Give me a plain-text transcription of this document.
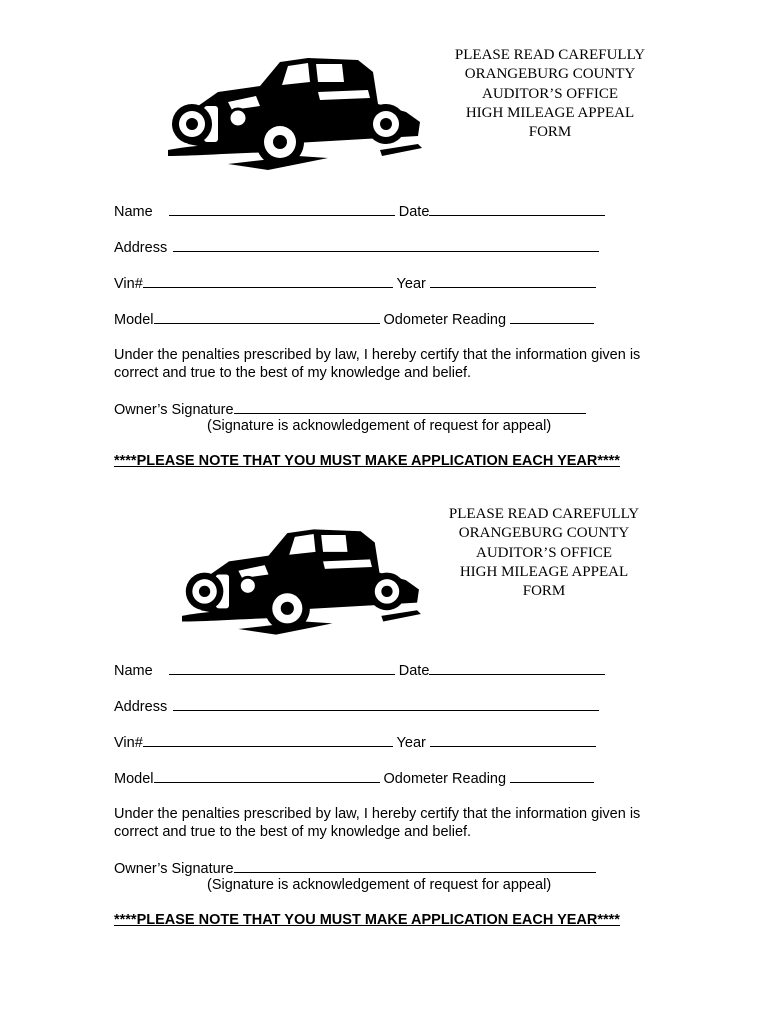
PLEASE READ CAREFULLY
ORANGEBURG COUNTY
AUDITOR’S OFFICE
HIGH MILEAGE APPEAL
FORM
Name	Date
Address
Vin#	Year
Model	Odometer Reading
Under the penalties prescribed by law, I hereby certify that the information given is correct and true to the best of my knowledge and belief.
Owner’s Signature
(Signature is acknowledgement of request for appeal)
****PLEASE NOTE THAT YOU MUST MAKE APPLICATION EACH YEAR****
PLEASE READ CAREFULLY
ORANGEBURG COUNTY
AUDITOR’S OFFICE
HIGH MILEAGE APPEAL
FORM
Name	Date
Address
Vin#	Year
Model	Odometer Reading
Under the penalties prescribed by law, I hereby certify that the information given is correct and true to the best of my knowledge and belief.
Owner’s Signature
(Signature is acknowledgement of request for appeal)
****PLEASE NOTE THAT YOU MUST MAKE APPLICATION EACH YEAR****
